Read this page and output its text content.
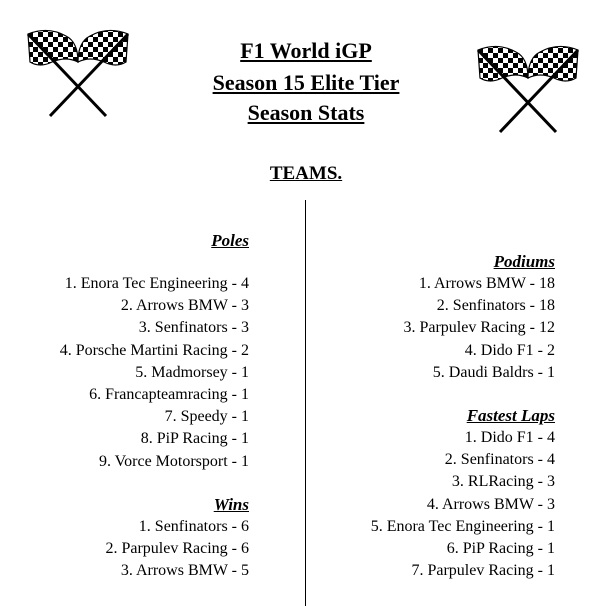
F1 World iGP
Season 15 Elite Tier
Season Stats
TEAMS.
Poles
1. Enora Tec Engineering - 4
2. Arrows BMW - 3
3. Senfinators - 3
4. Porsche Martini Racing - 2
5. Madmorsey - 1
6. Francapteamracing - 1
7. Speedy - 1
8. PiP Racing - 1
9. Vorce Motorsport - 1
Wins
1. Senfinators - 6
2. Parpulev Racing - 6
3. Arrows BMW - 5
Podiums
1. Arrows BMW - 18
2. Senfinators - 18
3. Parpulev Racing - 12
4. Dido F1 - 2
5. Daudi Baldrs - 1
Fastest Laps
1. Dido F1 - 4
2. Senfinators - 4
3. RLRacing - 3
4. Arrows BMW - 3
5. Enora Tec Engineering - 1
6. PiP Racing - 1
7. Parpulev Racing - 1
